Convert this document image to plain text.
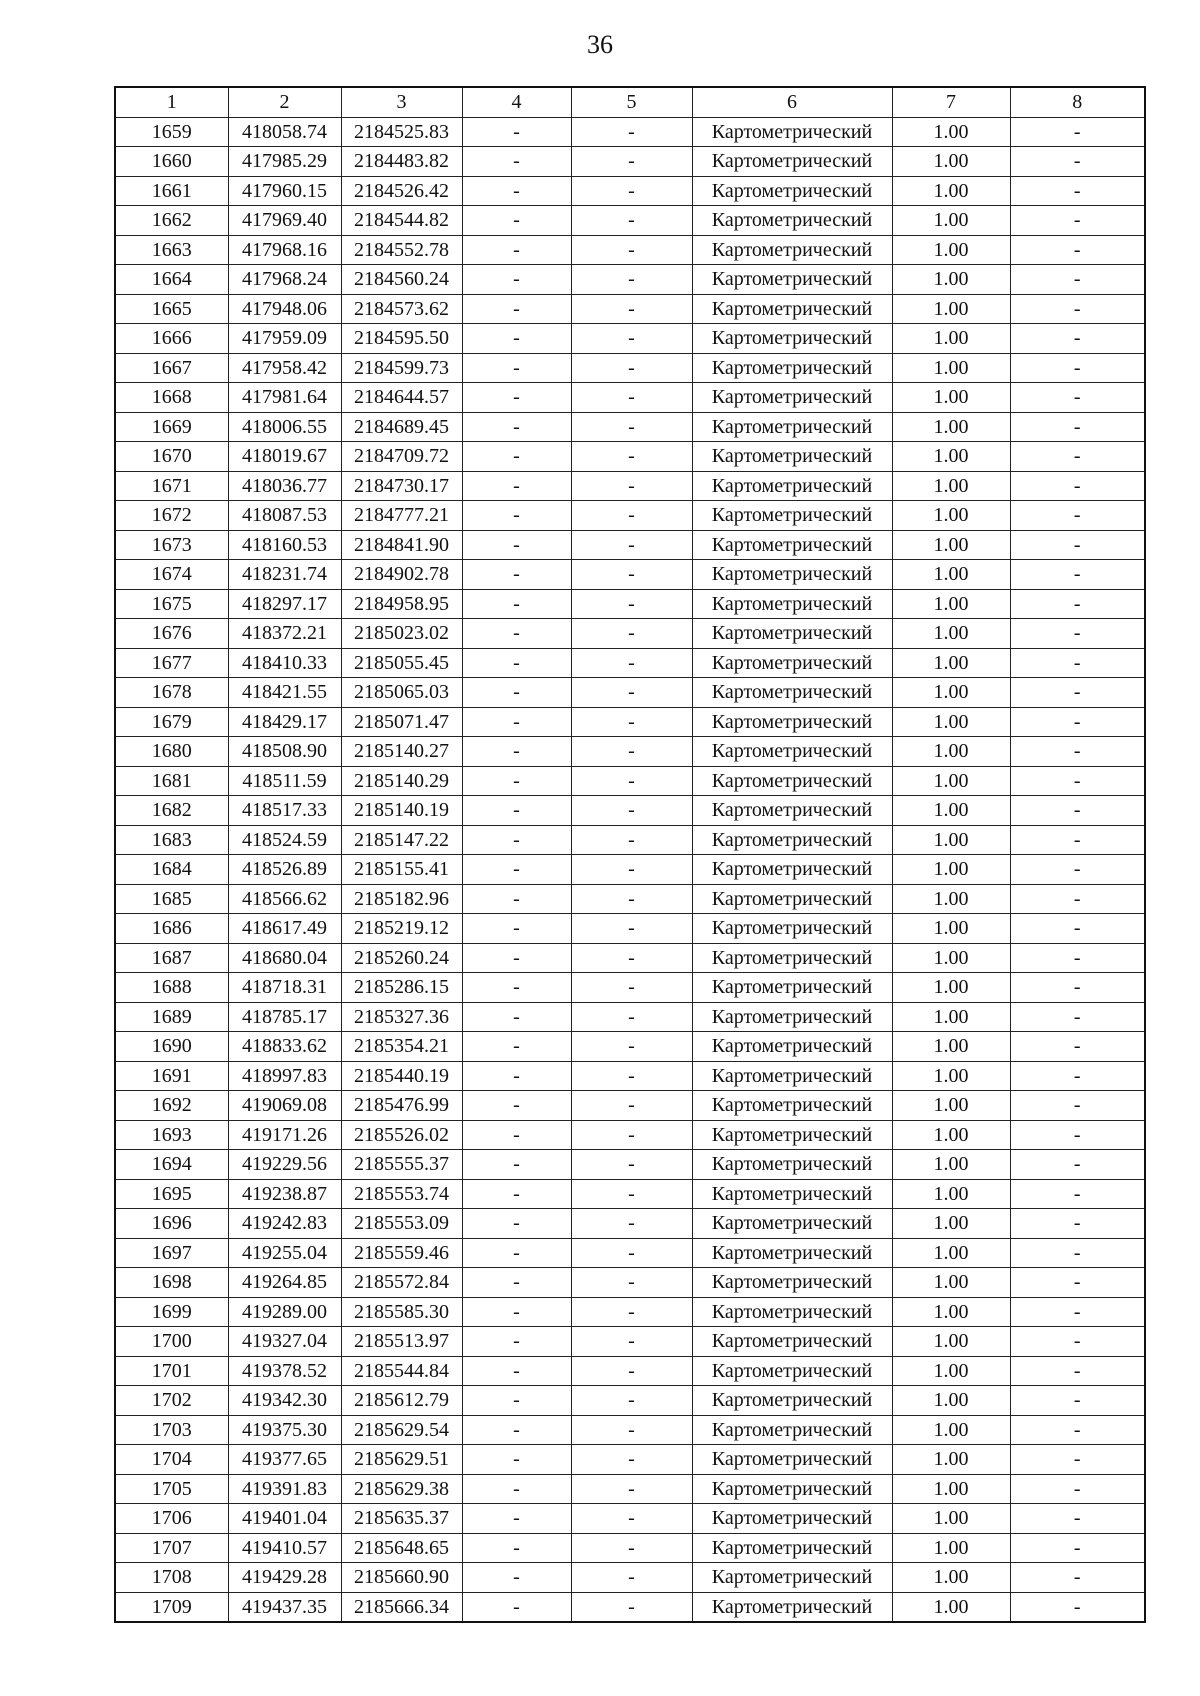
36
1	2	3	4	5	6	7	8
1659	418058.74	2184525.83	-	-	Картометрический	1.00	-
1660	417985.29	2184483.82	-	-	Картометрический	1.00	-
1661	417960.15	2184526.42	-	-	Картометрический	1.00	-
1662	417969.40	2184544.82	-	-	Картометрический	1.00	-
1663	417968.16	2184552.78	-	-	Картометрический	1.00	-
1664	417968.24	2184560.24	-	-	Картометрический	1.00	-
1665	417948.06	2184573.62	-	-	Картометрический	1.00	-
1666	417959.09	2184595.50	-	-	Картометрический	1.00	-
1667	417958.42	2184599.73	-	-	Картометрический	1.00	-
1668	417981.64	2184644.57	-	-	Картометрический	1.00	-
1669	418006.55	2184689.45	-	-	Картометрический	1.00	-
1670	418019.67	2184709.72	-	-	Картометрический	1.00	-
1671	418036.77	2184730.17	-	-	Картометрический	1.00	-
1672	418087.53	2184777.21	-	-	Картометрический	1.00	-
1673	418160.53	2184841.90	-	-	Картометрический	1.00	-
1674	418231.74	2184902.78	-	-	Картометрический	1.00	-
1675	418297.17	2184958.95	-	-	Картометрический	1.00	-
1676	418372.21	2185023.02	-	-	Картометрический	1.00	-
1677	418410.33	2185055.45	-	-	Картометрический	1.00	-
1678	418421.55	2185065.03	-	-	Картометрический	1.00	-
1679	418429.17	2185071.47	-	-	Картометрический	1.00	-
1680	418508.90	2185140.27	-	-	Картометрический	1.00	-
1681	418511.59	2185140.29	-	-	Картометрический	1.00	-
1682	418517.33	2185140.19	-	-	Картометрический	1.00	-
1683	418524.59	2185147.22	-	-	Картометрический	1.00	-
1684	418526.89	2185155.41	-	-	Картометрический	1.00	-
1685	418566.62	2185182.96	-	-	Картометрический	1.00	-
1686	418617.49	2185219.12	-	-	Картометрический	1.00	-
1687	418680.04	2185260.24	-	-	Картометрический	1.00	-
1688	418718.31	2185286.15	-	-	Картометрический	1.00	-
1689	418785.17	2185327.36	-	-	Картометрический	1.00	-
1690	418833.62	2185354.21	-	-	Картометрический	1.00	-
1691	418997.83	2185440.19	-	-	Картометрический	1.00	-
1692	419069.08	2185476.99	-	-	Картометрический	1.00	-
1693	419171.26	2185526.02	-	-	Картометрический	1.00	-
1694	419229.56	2185555.37	-	-	Картометрический	1.00	-
1695	419238.87	2185553.74	-	-	Картометрический	1.00	-
1696	419242.83	2185553.09	-	-	Картометрический	1.00	-
1697	419255.04	2185559.46	-	-	Картометрический	1.00	-
1698	419264.85	2185572.84	-	-	Картометрический	1.00	-
1699	419289.00	2185585.30	-	-	Картометрический	1.00	-
1700	419327.04	2185513.97	-	-	Картометрический	1.00	-
1701	419378.52	2185544.84	-	-	Картометрический	1.00	-
1702	419342.30	2185612.79	-	-	Картометрический	1.00	-
1703	419375.30	2185629.54	-	-	Картометрический	1.00	-
1704	419377.65	2185629.51	-	-	Картометрический	1.00	-
1705	419391.83	2185629.38	-	-	Картометрический	1.00	-
1706	419401.04	2185635.37	-	-	Картометрический	1.00	-
1707	419410.57	2185648.65	-	-	Картометрический	1.00	-
1708	419429.28	2185660.90	-	-	Картометрический	1.00	-
1709	419437.35	2185666.34	-	-	Картометрический	1.00	-
